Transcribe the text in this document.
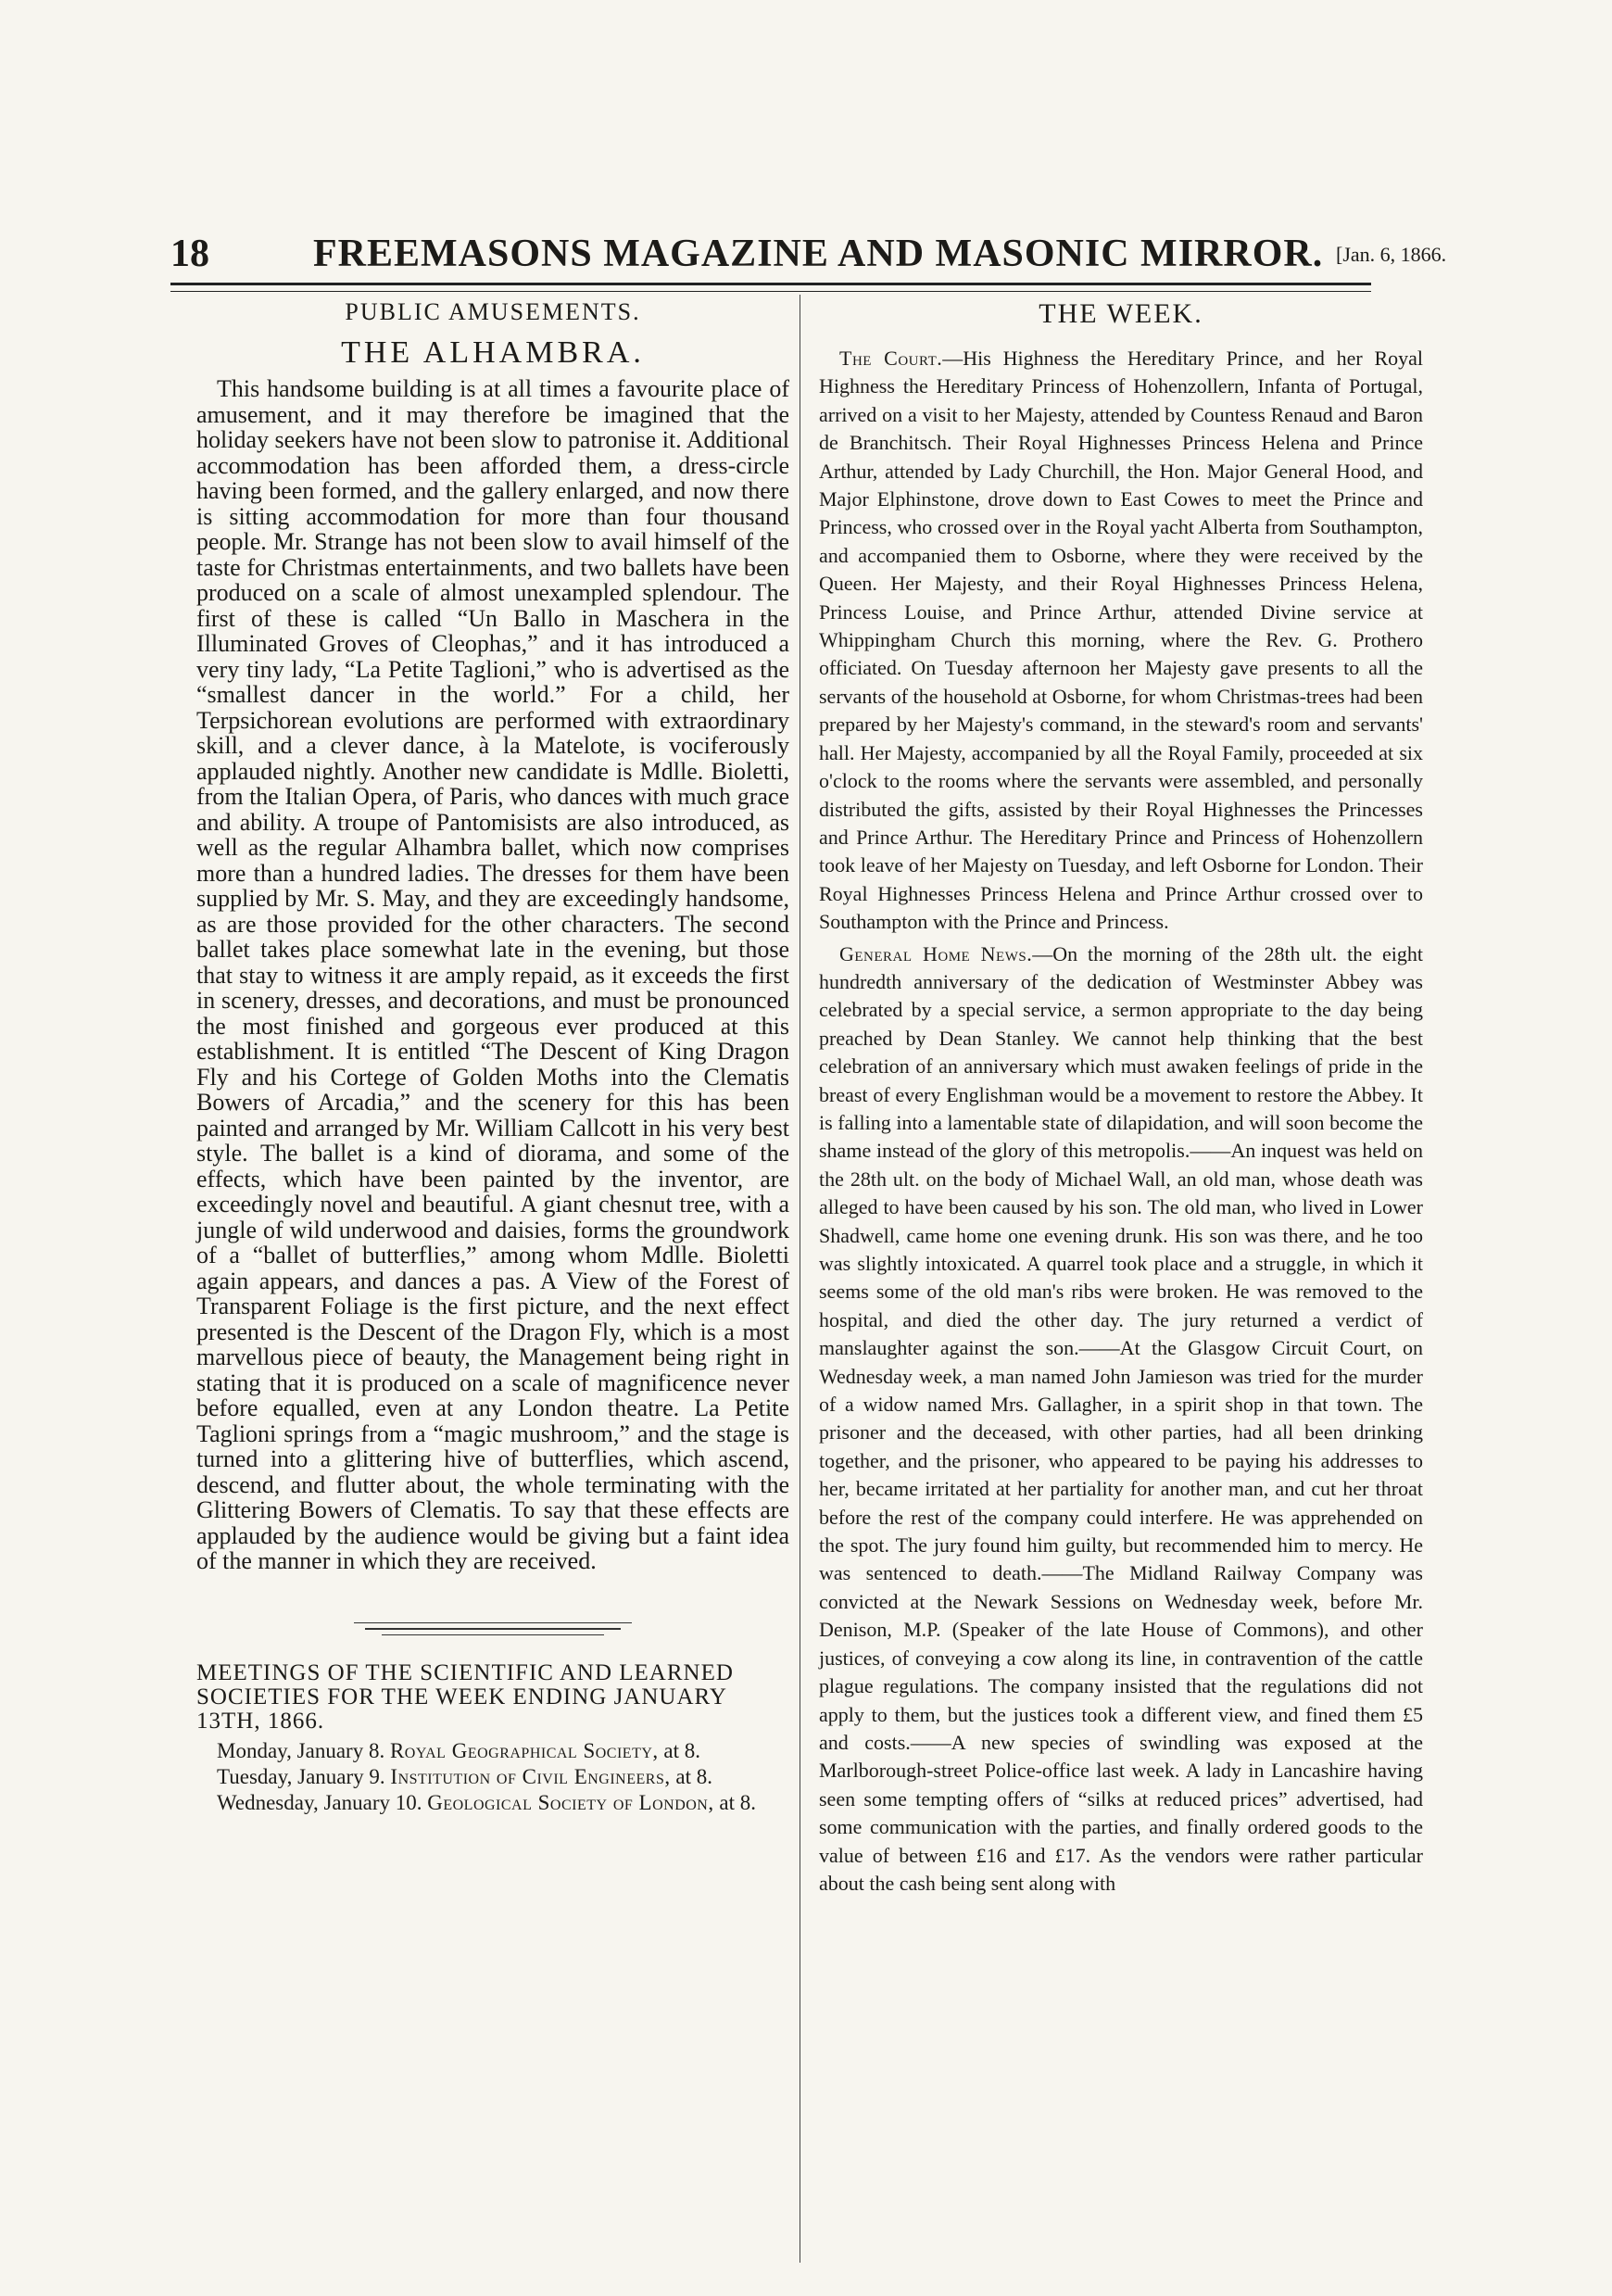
18	FREEMASONS MAGAZINE AND MASONIC MIRROR. [Jan. 6, 1866.
PUBLIC AMUSEMENTS.
THE ALHAMBRA.

This handsome building is at all times a favourite place of amusement, and it may therefore be imagined that the holiday seekers have not been slow to patronise it. Additional accommodation has been afforded them, a dress-circle having been formed, and the gallery enlarged, and now there is sitting accommodation for more than four thousand people. Mr. Strange has not been slow to avail himself of the taste for Christmas entertainments, and two ballets have been produced on a scale of almost unexampled splendour. The first of these is called “Un Ballo in Maschera in the Illuminated Groves of Cleophas,” and it has introduced a very tiny lady, “La Petite Taglioni,” who is advertised as the “smallest dancer in the world.” For a child, her Terpsichorean evolutions are performed with extraordinary skill, and a clever dance, à la Matelote, is vociferously applauded nightly. Another new candidate is Mdlle. Bioletti, from the Italian Opera, of Paris, who dances with much grace and ability. A troupe of Pantomisists are also introduced, as well as the regular Alhambra ballet, which now comprises more than a hundred ladies. The dresses for them have been supplied by Mr. S. May, and they are exceedingly handsome, as are those provided for the other characters. The second ballet takes place somewhat late in the evening, but those that stay to witness it are amply repaid, as it exceeds the first in scenery, dresses, and decorations, and must be pronounced the most finished and gorgeous ever produced at this establishment. It is entitled “The Descent of King Dragon Fly and his Cortege of Golden Moths into the Clematis Bowers of Arcadia,” and the scenery for this has been painted and arranged by Mr. William Callcott in his very best style. The ballet is a kind of diorama, and some of the effects, which have been painted by the inventor, are exceedingly novel and beautiful. A giant chesnut tree, with a jungle of wild underwood and daisies, forms the groundwork of a “ballet of butterflies,” among whom Mdlle. Bioletti again appears, and dances a pas. A View of the Forest of Transparent Foliage is the first picture, and the next effect presented is the Descent of the Dragon Fly, which is a most marvellous piece of beauty, the Management being right in stating that it is produced on a scale of magnificence never before equalled, even at any London theatre. La Petite Taglioni springs from a “magic mushroom,” and the stage is turned into a glittering hive of butterflies, which ascend, descend, and flutter about, the whole terminating with the Glittering Bowers of Clematis. To say that these effects are applauded by the audience would be giving but a faint idea of the manner in which they are received.

MEETINGS OF THE SCIENTIFIC AND LEARNED SOCIETIES FOR THE WEEK ENDING JANUARY 13TH, 1866.

Monday, January 8. Royal Geographical Society, at 8.

Tuesday, January 9. Institution of Civil Engineers, at 8.

Wednesday, January 10. Geological Society of London, at 8.

THE WEEK.

The Court.—His Highness the Hereditary Prince, and her Royal Highness the Hereditary Princess of Hohenzollern, Infanta of Portugal, arrived on a visit to her Majesty, attended by Countess Renaud and Baron de Branchitsch. Their Royal Highnesses Princess Helena and Prince Arthur, attended by Lady Churchill, the Hon. Major General Hood, and Major Elphinstone, drove down to East Cowes to meet the Prince and Princess, who crossed over in the Royal yacht Alberta from Southampton, and accompanied them to Osborne, where they were received by the Queen. Her Majesty, and their Royal Highnesses Princess Helena, Princess Louise, and Prince Arthur, attended Divine service at Whippingham Church this morning, where the Rev. G. Prothero officiated. On Tuesday afternoon her Majesty gave presents to all the servants of the household at Osborne, for whom Christmas-trees had been prepared by her Majesty's command, in the steward's room and servants' hall. Her Majesty, accompanied by all the Royal Family, proceeded at six o'clock to the rooms where the servants were assembled, and personally distributed the gifts, assisted by their Royal Highnesses the Princesses and Prince Arthur. The Hereditary Prince and Princess of Hohenzollern took leave of her Majesty on Tuesday, and left Osborne for London. Their Royal Highnesses Princess Helena and Prince Arthur crossed over to Southampton with the Prince and Princess.

General Home News.—On the morning of the 28th ult. the eight hundredth anniversary of the dedication of Westminster Abbey was celebrated by a special service, a sermon appropriate to the day being preached by Dean Stanley. We cannot help thinking that the best celebration of an anniversary which must awaken feelings of pride in the breast of every Englishman would be a movement to restore the Abbey. It is falling into a lamentable state of dilapidation, and will soon become the shame instead of the glory of this metropolis.——An inquest was held on the 28th ult. on the body of Michael Wall, an old man, whose death was alleged to have been caused by his son. The old man, who lived in Lower Shadwell, came home one evening drunk. His son was there, and he too was slightly intoxicated. A quarrel took place and a struggle, in which it seems some of the old man's ribs were broken. He was removed to the hospital, and died the other day. The jury returned a verdict of manslaughter against the son.——At the Glasgow Circuit Court, on Wednesday week, a man named John Jamieson was tried for the murder of a widow named Mrs. Gallagher, in a spirit shop in that town. The prisoner and the deceased, with other parties, had all been drinking together, and the prisoner, who appeared to be paying his addresses to her, became irritated at her partiality for another man, and cut her throat before the rest of the company could interfere. He was apprehended on the spot. The jury found him guilty, but recommended him to mercy. He was sentenced to death.——The Midland Railway Company was convicted at the Newark Sessions on Wednesday week, before Mr. Denison, M.P. (Speaker of the late House of Commons), and other justices, of conveying a cow along its line, in contravention of the cattle plague regulations. The company insisted that the regulations did not apply to them, but the justices took a different view, and fined them £5 and costs.——A new species of swindling was exposed at the Marlborough-street Police-office last week. A lady in Lancashire having seen some tempting offers of “silks at reduced prices” advertised, had some communication with the parties, and finally ordered goods to the value of between £16 and £17. As the vendors were rather particular about the cash being sent along with
